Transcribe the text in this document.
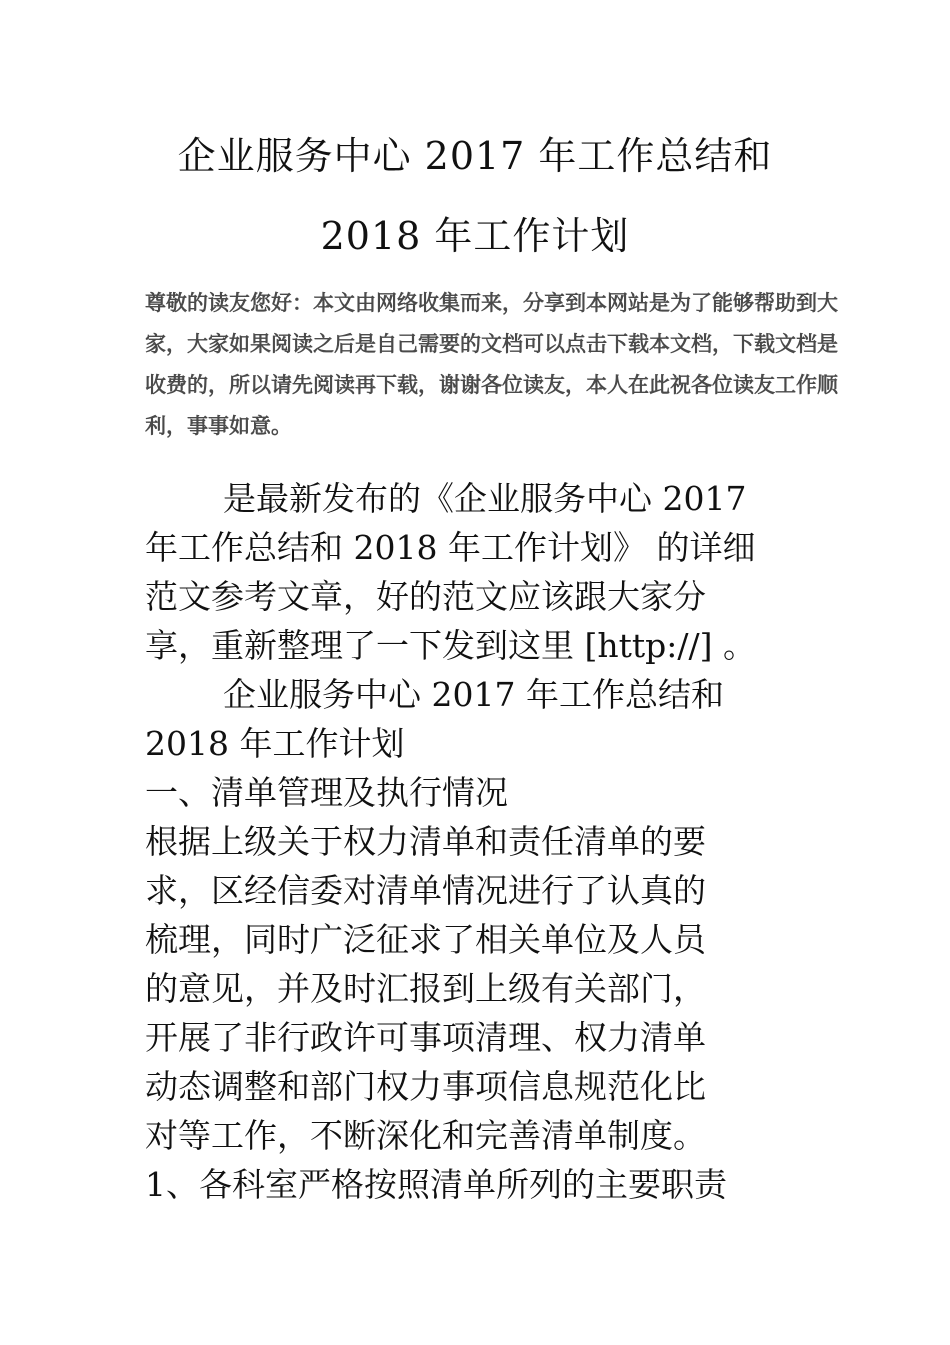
企业服务中心 2017 年工作总结和
2018 年工作计划
尊敬的读友您好：本文由网络收集而来，分享到本网站是为了能够帮助到大
家，大家如果阅读之后是自己需要的文档可以点击下载本文档，下载文档是
收费的，所以请先阅读再下载，谢谢各位读友，本人在此祝各位读友工作顺
利，事事如意。
是最新发布的《企业服务中心 2017
年工作总结和 2018 年工作计划》 的详细
范文参考文章，好的范文应该跟大家分
享，重新整理了一下发到这里 [http://] 。
企业服务中心 2017 年工作总结和
2018 年工作计划
一、清单管理及执行情况
根据上级关于权力清单和责任清单的要
求，区经信委对清单情况进行了认真的
梳理，同时广泛征求了相关单位及人员
的意见，并及时汇报到上级有关部门，
开展了非行政许可事项清理、权力清单
动态调整和部门权力事项信息规范化比
对等工作，不断深化和完善清单制度。
1、各科室严格按照清单所列的主要职责
